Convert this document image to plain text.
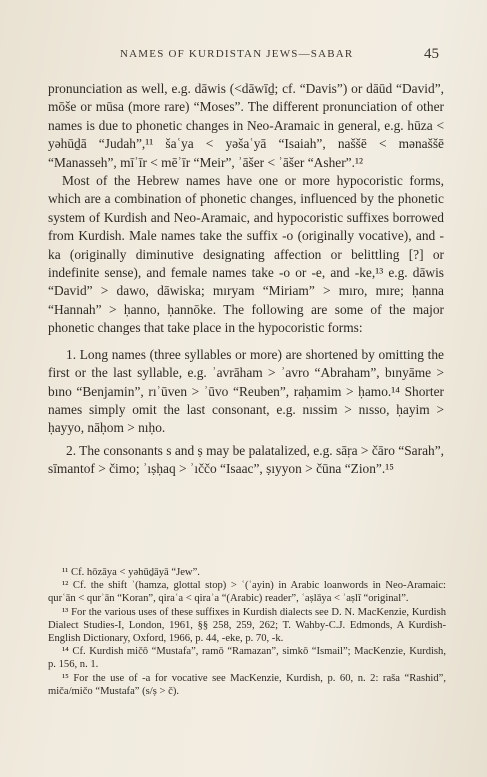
NAMES OF KURDISTAN JEWS—SABAR	45

pronunciation as well, e.g. dāwis (<dāwīḏ; cf. “Davis”) or dāūd “David”, mōše or mūsa (more rare) “Moses”. The different pronunciation of other names is due to phonetic changes in Neo-Aramaic in general, e.g. hūza < yəhūḏā “Judah”,¹¹ šaʿya < yəšaʿyā “Isaiah”, naššē < mənaššē “Manasseh”, mīʾīr < mēʾīr “Meir”, ʾāšer < ʾāšer “Asher”.¹²

Most of the Hebrew names have one or more hypocoristic forms, which are a combination of phonetic changes, influenced by the phonetic system of Kurdish and Neo-Aramaic, and hypocoristic suffixes borrowed from Kurdish. Male names take the suffix -o (originally vocative), and -ka (originally diminutive designating affection or belittling [?] or indefinite sense), and female names take -o or -e, and -ke,¹³ e.g. dāwis “David” > dawo, dāwiska; mıryam “Miriam” > mıro, mıre; ḥanna “Hannah” > ḥanno, ḥannōke. The following are some of the major phonetic changes that take place in the hypocoristic forms:

1. Long names (three syllables or more) are shortened by omitting the first or the last syllable, e.g. ʾavrāham > ʾavro “Abraham”, bınyāme > bıno “Benjamin”, rıʾūven > ʾūvo “Reuben”, raḥamim > ḥamo.¹⁴ Shorter names simply omit the last consonant, e.g. nıssim > nısso, ḥayim > ḥayyo, nāḥom > nıḥo.

2. The consonants s and ṣ may be palatalized, e.g. sāṛa > čāro “Sarah”, sīmantof > čimo; ʾıṣḥaq > ʾıččo “Isaac”, ṣıyyon > čūna “Zion”.¹⁵

¹¹ Cf. hōzāya < yəhūḏāyā “Jew”.

¹² Cf. the shift ʾ(hamza, glottal stop) > ʿ(ʿayin) in Arabic loanwords in Neo-Aramaic: qurʿān < qurʾān “Koran”, qiraʿa < qiraʾa “(Arabic) reader”, ʿaṣlāya < ʾaṣlī “original”.

¹³ For the various uses of these suffixes in Kurdish dialects see D. N. MacKenzie, Kurdish Dialect Studies-I, London, 1961, §§ 258, 259, 262; T. Wahby-C.J. Edmonds, A Kurdish-English Dictionary, Oxford, 1966, p. 44, -eke, p. 70, -k.

¹⁴ Cf. Kurdish mičō “Mustafa”, ramō “Ramazan”, simkō “Ismail”; MacKenzie, Kurdish, p. 156, n. 1.

¹⁵ For the use of -a for vocative see MacKenzie, Kurdish, p. 60, n. 2: raša “Rashid”, miča/mičo “Mustafa” (s/ṣ > č).
